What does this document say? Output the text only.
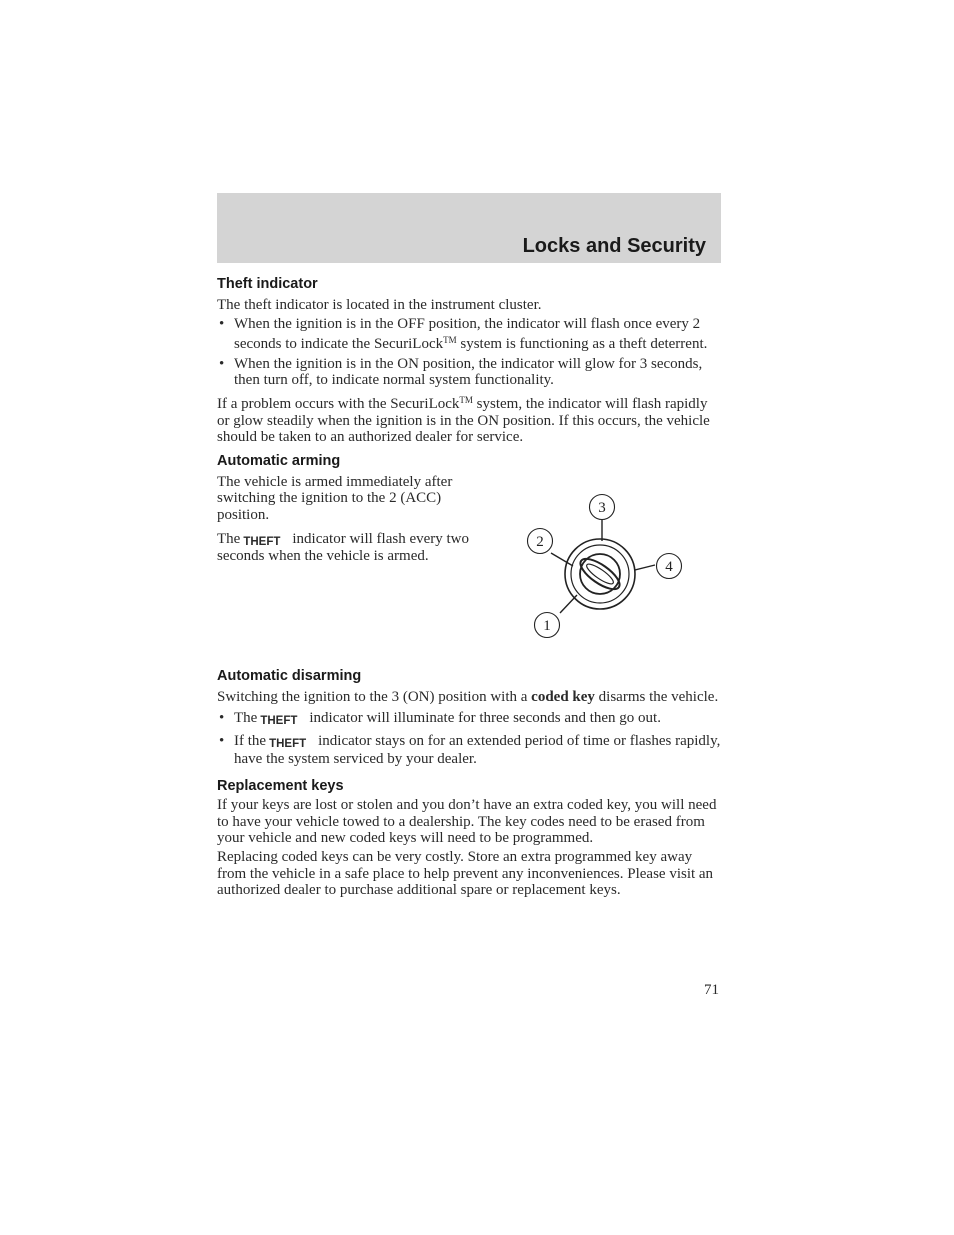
Locks and Security
Theft indicator

The theft indicator is located in the instrument cluster.

• When the ignition is in the OFF position, the indicator will flash once every 2 seconds to indicate the SecuriLock™ system is functioning as a theft deterrent.
• When the ignition is in the ON position, the indicator will glow for 3 seconds, then turn off, to indicate normal system functionality.

If a problem occurs with the SecuriLock™ system, the indicator will flash rapidly or glow steadily when the ignition is in the ON position. If this occurs, the vehicle should be taken to an authorized dealer for service.

Automatic arming

The vehicle is armed immediately after switching the ignition to the 2 (ACC) position.

The THEFT indicator will flash every two seconds when the vehicle is armed.

3
2
4
1
Automatic disarming

Switching the ignition to the 3 (ON) position with a coded key disarms the vehicle.

• The THEFT indicator will illuminate for three seconds and then go out.
• If the THEFT indicator stays on for an extended period of time or flashes rapidly, have the system serviced by your dealer.
Replacement keys

If your keys are lost or stolen and you don’t have an extra coded key, you will need to have your vehicle towed to a dealership. The key codes need to be erased from your vehicle and new coded keys will need to be programmed.

Replacing coded keys can be very costly. Store an extra programmed key away from the vehicle in a safe place to help prevent any inconveniences. Please visit an authorized dealer to purchase additional spare or replacement keys.

71
